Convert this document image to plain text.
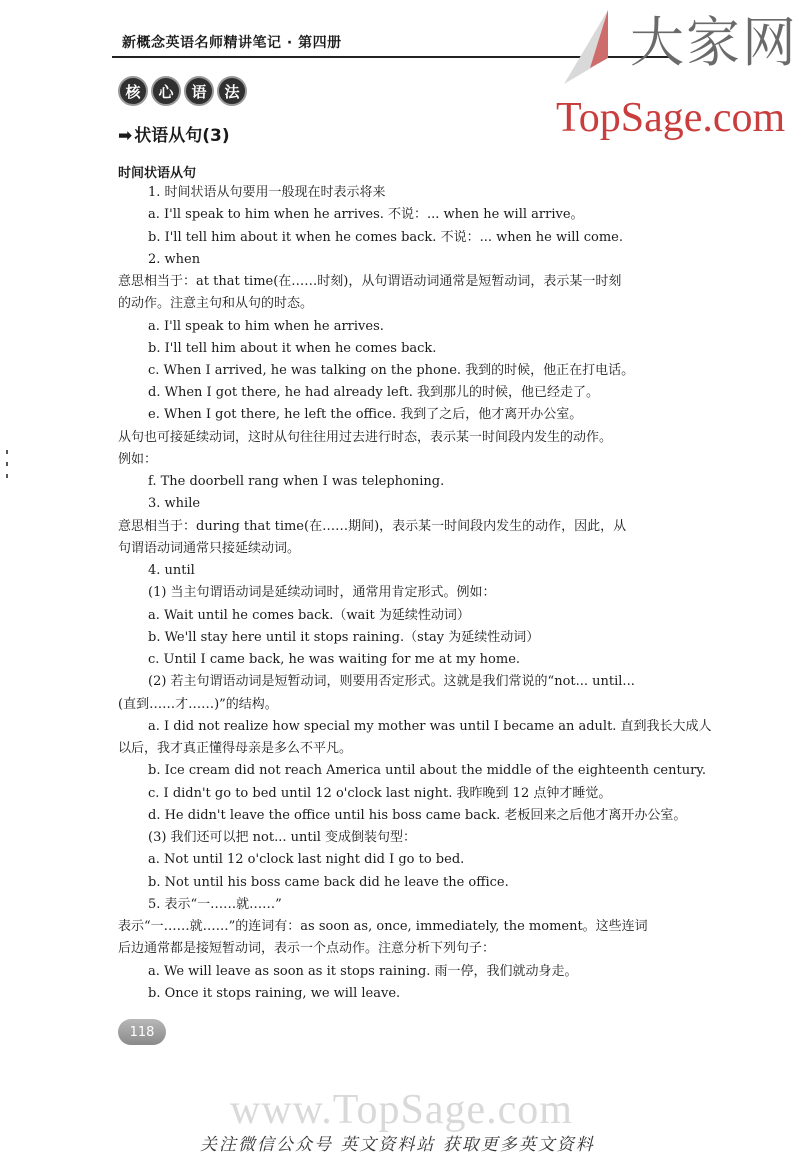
新概念英语名师精讲笔记 · 第四册	大家网
TopSage.com
核	心	语	法
➡ 状语从句(3)
时间状语从句
1. 时间状语从句要用一般现在时表示将来
a. I'll speak to him when he arrives. 不说：... when he will arrive。
b. I'll tell him about it when he comes back. 不说：... when he will come.
2. when
意思相当于：at that time(在……时刻)，从句谓语动词通常是短暂动词，表示某一时刻
的动作。注意主句和从句的时态。
a. I'll speak to him when he arrives.
b. I'll tell him about it when he comes back.
c. When I arrived, he was talking on the phone. 我到的时候，他正在打电话。
d. When I got there, he had already left. 我到那儿的时候，他已经走了。
e. When I got there, he left the office. 我到了之后，他才离开办公室。
从句也可接延续动词，这时从句往往用过去进行时态，表示某一时间段内发生的动作。
例如：
f. The doorbell rang when I was telephoning.
3. while
意思相当于：during that time(在……期间)，表示某一时间段内发生的动作，因此，从
句谓语动词通常只接延续动词。
4. until
(1) 当主句谓语动词是延续动词时，通常用肯定形式。例如：
a. Wait until he comes back.（wait 为延续性动词）
b. We'll stay here until it stops raining.（stay 为延续性动词）
c. Until I came back, he was waiting for me at my home.
(2) 若主句谓语动词是短暂动词，则要用否定形式。这就是我们常说的“not... until...
(直到……才……)”的结构。
a. I did not realize how special my mother was until I became an adult. 直到我长大成人
以后，我才真正懂得母亲是多么不平凡。
b. Ice cream did not reach America until about the middle of the eighteenth century.
c. I didn't go to bed until 12 o'clock last night. 我昨晚到 12 点钟才睡觉。
d. He didn't leave the office until his boss came back. 老板回来之后他才离开办公室。
(3) 我们还可以把 not... until 变成倒装句型：
a. Not until 12 o'clock last night did I go to bed.
b. Not until his boss came back did he leave the office.
5. 表示“一……就……”
表示“一……就……”的连词有：as soon as, once, immediately, the moment。这些连词
后边通常都是接短暂动词，表示一个点动作。注意分析下列句子：
a. We will leave as soon as it stops raining. 雨一停，我们就动身走。
b. Once it stops raining, we will leave.
118
www.TopSage.com
关注微信公众号 英文资料站 获取更多英文资料
